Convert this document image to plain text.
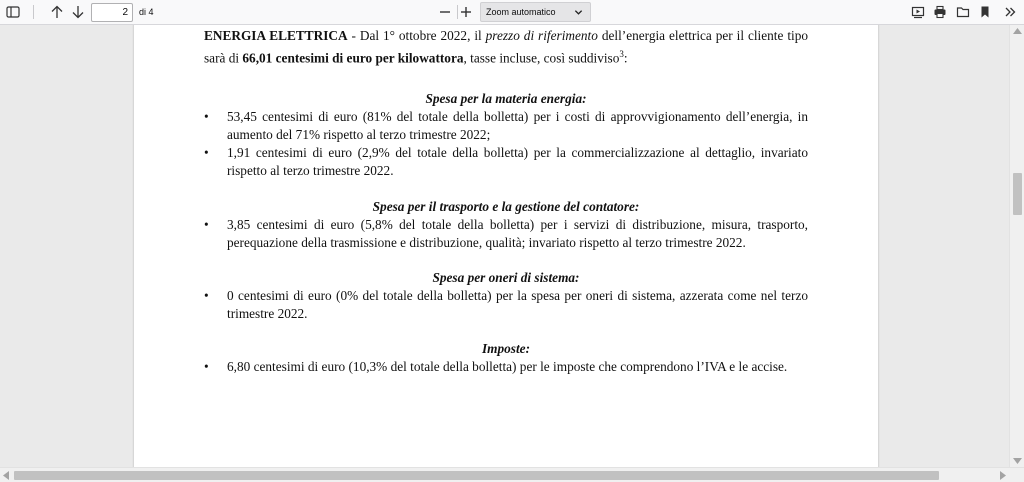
2
di 4	Zoom automatico

ENERGIA ELETTRICA - Dal 1° ottobre 2022, il prezzo di riferimento dell’energia elettrica per il cliente tipo sarà di 66,01 centesimi di euro per kilowattora, tasse incluse, così suddiviso$^3$:

Spesa per la materia energia:
• 53,45 centesimi di euro (81% del totale della bolletta) per i costi di approvvigionamento dell’energia, in aumento del 71% rispetto al terzo trimestre 2022;
• 1,91 centesimi di euro (2,9% del totale della bolletta) per la commercializzazione al dettaglio, invariato rispetto al terzo trimestre 2022.
Spesa per il trasporto e la gestione del contatore:
• 3,85 centesimi di euro (5,8% del totale della bolletta) per i servizi di distribuzione, misura, trasporto, perequazione della trasmissione e distribuzione, qualità; invariato rispetto al terzo trimestre 2022.
Spesa per oneri di sistema:
• 0 centesimi di euro (0% del totale della bolletta) per la spesa per oneri di sistema, azzerata come nel terzo trimestre 2022.
Imposte:
• 6,80 centesimi di euro (10,3% del totale della bolletta) per le imposte che comprendono l’IVA e le accise.
